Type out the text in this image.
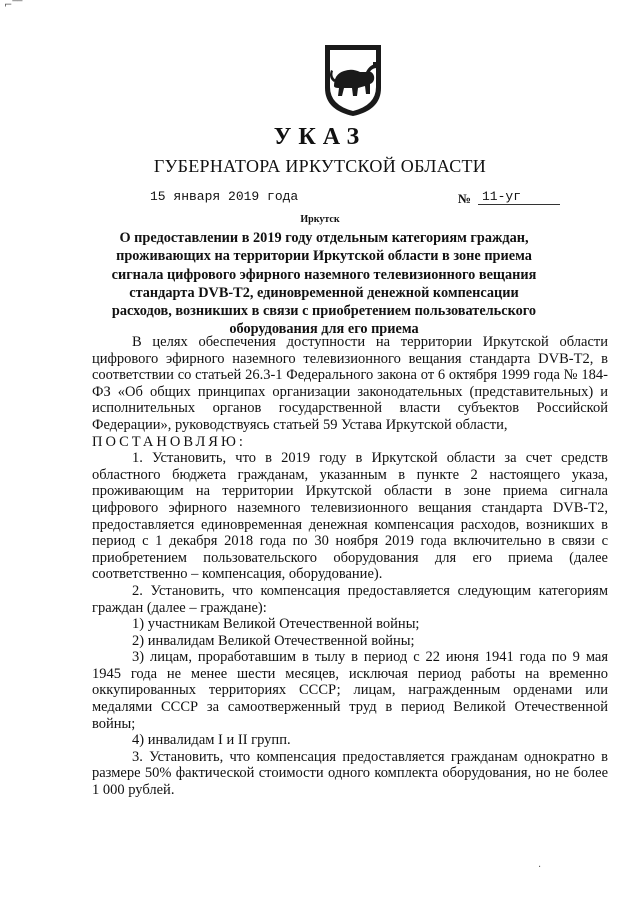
⌐‾‾
УКАЗ
ГУБЕРНАТОРА ИРКУТСКОЙ ОБЛАСТИ
15 января 2019 года	№ 11-уг
Иркутск
О предоставлении в 2019 году отдельным категориям граждан, проживающих на территории Иркутской области в зоне приема сигнала цифрового эфирного наземного телевизионного вещания стандарта DVB-T2, единовременной денежной компенсации расходов, возникших в связи с приобретением пользовательского оборудования для его приема

В целях обеспечения доступности на территории Иркутской области цифрового эфирного наземного телевизионного вещания стандарта DVB-T2, в соответствии со статьей 26.3-1 Федерального закона от 6 октября 1999 года № 184-ФЗ «Об общих принципах организации законодательных (представительных) и исполнительных органов государственной власти субъектов Российской Федерации», руководствуясь статьей 59 Устава Иркутской области,

ПОСТАНОВЛЯЮ:

1. Установить, что в 2019 году в Иркутской области за счет средств областного бюджета гражданам, указанным в пункте 2 настоящего указа, проживающим на территории Иркутской области в зоне приема сигнала цифрового эфирного наземного телевизионного вещания стандарта DVB-T2, предоставляется единовременная денежная компенсация расходов, возникших в период с 1 декабря 2018 года по 30 ноября 2019 года включительно в связи с приобретением пользовательского оборудования для его приема (далее соответственно – компенсация, оборудование).

2. Установить, что компенсация предоставляется следующим категориям граждан (далее – граждане):

1) участникам Великой Отечественной войны;

2) инвалидам Великой Отечественной войны;

3) лицам, проработавшим в тылу в период с 22 июня 1941 года по 9 мая 1945 года не менее шести месяцев, исключая период работы на временно оккупированных территориях СССР; лицам, награжденным орденами или медалями СССР за самоотверженный труд в период Великой Отечественной войны;

4) инвалидам I и II групп.

3. Установить, что компенсация предоставляется гражданам однократно в размере 50% фактической стоимости одного комплекта оборудования, но не более 1 000 рублей.

·
